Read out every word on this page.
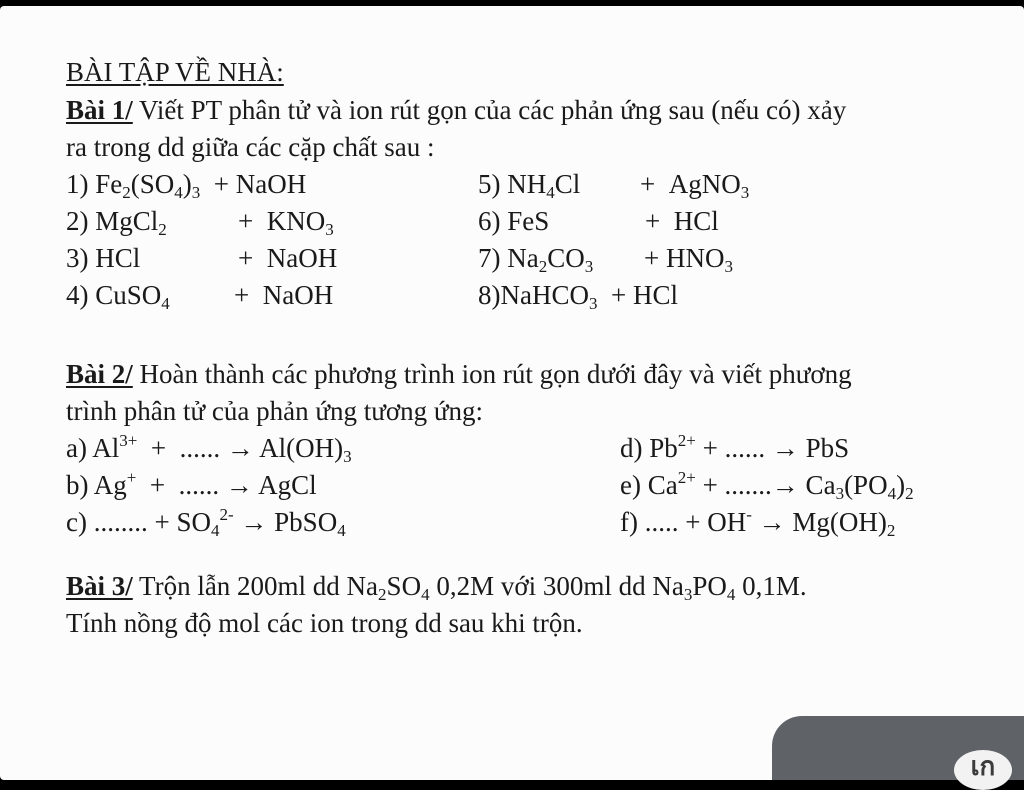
BÀI TẬP VỀ NHÀ:
Bài 1/ Viết PT phân tử và ion rút gọn của các phản ứng sau (nếu có) xảy
ra trong dd giữa các cặp chất sau :
1) $Fe_2(SO_4)_3$  + NaOH
2) MgCl$_2$	+  $KNO_3$
3) HCl	+  NaOH
4) CuSO$_4$ +  NaOH
5) $NH_4Cl$ +  AgNO$_3$
6) FeS	+  HCl
7) $Na_2CO_3 + HNO_3$
8)NaHCO$_3$  + HCl
Bài 2/ Hoàn thành các phương trình ion rút gọn dưới đây và viết phương
trình phân tử của phản ứng tương ứng:
a) $Al^{3+}$  +  ...... → $Al(OH)_3$
b) Ag+  +  ...... → AgCl
c) ........ + $SO_4^{2-}$ → PbSO$_4$
d) $Pb^{2+}$ + ...... → PbS
e) $Ca^{2+}$ + .......→ $Ca_3(PO_4)_2$
f) ..... + $OH^- \to Mg(OH)_2$
Bài 3/ Trộn lẫn 200ml dd $Na_2SO_4$ 0,2M với 300ml dd $Na_3PO_4$ 0,1M.
Tính nồng độ mol các ion trong dd sau khi trộn.
เก
